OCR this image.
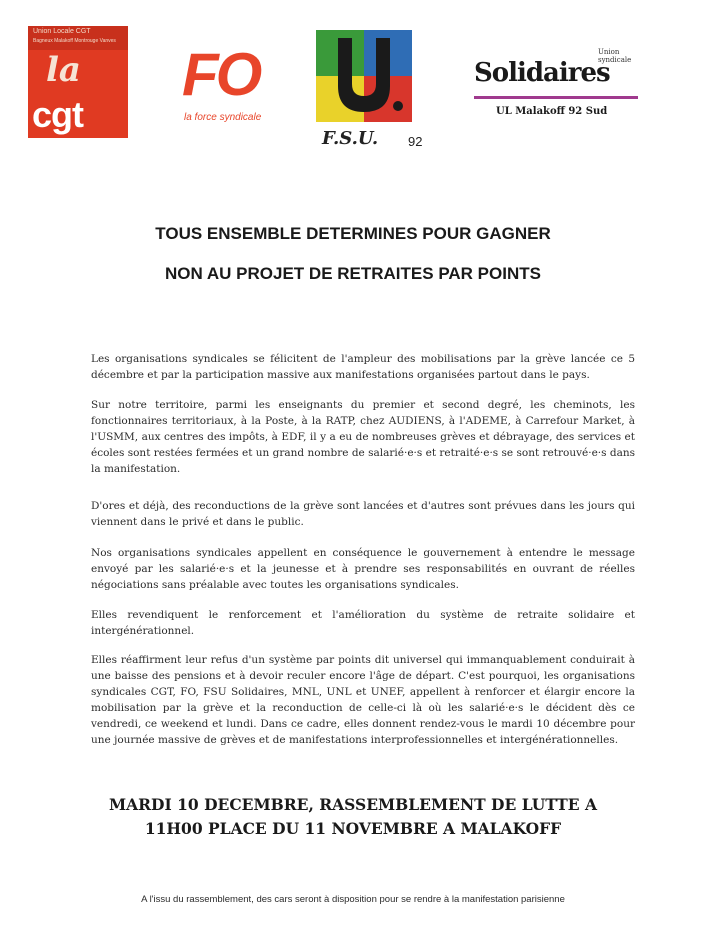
Union Locale CGT
Bagneux Malakoff Montrouge Vanves
la
cgt
FO
la force syndicale
F.S.U. 92
Union syndicale
Solidaires
UL Malakoff 92 Sud
TOUS ENSEMBLE DETERMINES POUR GAGNER
NON AU PROJET DE RETRAITES PAR POINTS

Les organisations syndicales se félicitent de l'ampleur des mobilisations par la grève lancée ce 5 décembre et par la participation massive aux manifestations organisées partout dans le pays.

Sur notre territoire, parmi les enseignants du premier et second degré, les cheminots, les fonctionnaires territoriaux, à la Poste, à la RATP, chez AUDIENS, à l'ADEME, à Carrefour Market, à l'USMM, aux centres des impôts, à EDF, il y a eu de nombreuses grèves et débrayage, des services et écoles sont restées fermées et un grand nombre de salarié·e·s et retraité·e·s se sont retrouvé·e·s dans la manifestation.

D'ores et déjà, des reconductions de la grève sont lancées et d'autres sont prévues dans les jours qui viennent dans le privé et dans le public.

Nos organisations syndicales appellent en conséquence le gouvernement à entendre le message envoyé par les salarié·e·s et la jeunesse et à prendre ses responsabilités en ouvrant de réelles négociations sans préalable avec toutes les organisations syndicales.

Elles revendiquent le renforcement et l'amélioration du système de retraite solidaire et intergénérationnel.

Elles réaffirment leur refus d'un système par points dit universel qui immanquablement conduirait à une baisse des pensions et à devoir reculer encore l'âge de départ. C'est pourquoi, les organisations syndicales CGT, FO, FSU Solidaires, MNL, UNL et UNEF, appellent à renforcer et élargir encore la mobilisation par la grève et la reconduction de celle-ci là où les salarié·e·s le décident dès ce vendredi, ce weekend et lundi. Dans ce cadre, elles donnent rendez-vous le mardi 10 décembre pour une journée massive de grèves et de manifestations interprofessionnelles et intergénérationnelles.

MARDI 10 DECEMBRE, RASSEMBLEMENT DE LUTTE A
11H00 PLACE DU 11 NOVEMBRE A MALAKOFF
A l'issu du rassemblement, des cars seront à disposition pour se rendre à la manifestation parisienne
